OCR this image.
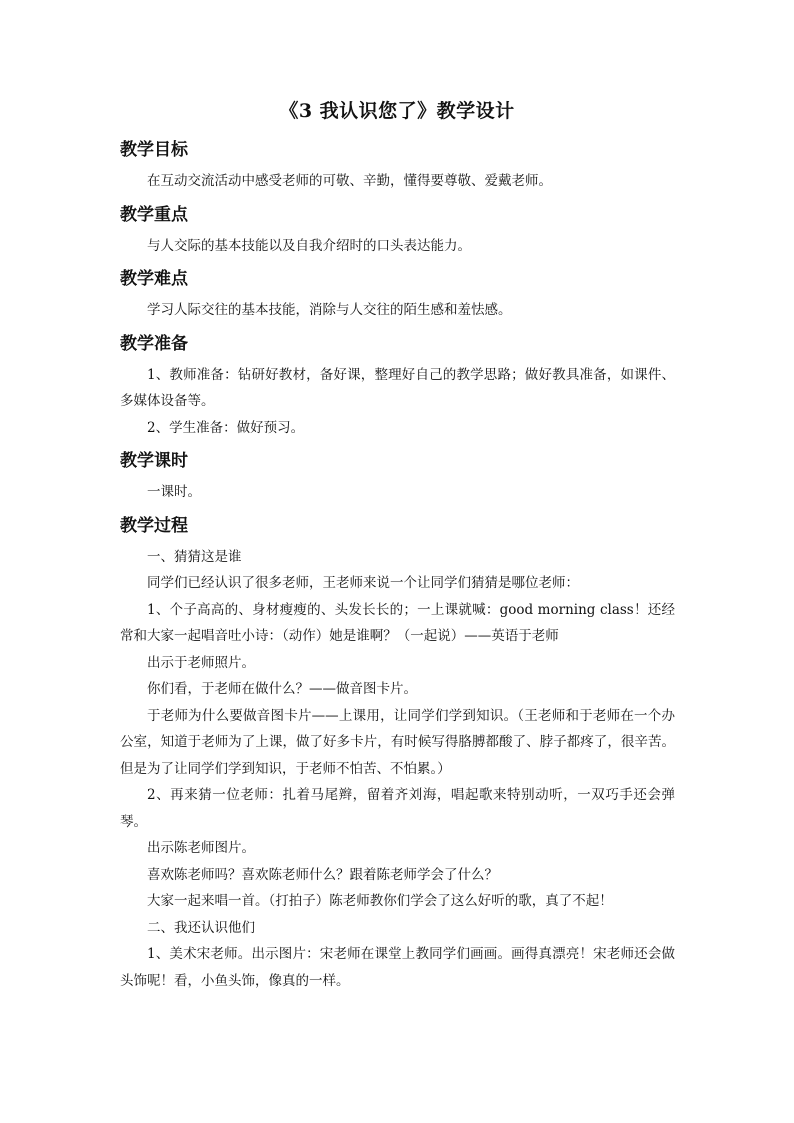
《3 我认识您了》教学设计
教学目标

在互动交流活动中感受老师的可敬、辛勤，懂得要尊敬、爱戴老师。

教学重点

与人交际的基本技能以及自我介绍时的口头表达能力。

教学难点

学习人际交往的基本技能，消除与人交往的陌生感和羞怯感。

教学准备

1、教师准备：钻研好教材，备好课，整理好自己的教学思路；做好教具准备，如课件、多媒体设备等。

2、学生准备：做好预习。

教学课时

一课时。

教学过程

一、猜猜这是谁

同学们已经认识了很多老师，王老师来说一个让同学们猜猜是哪位老师：

1、个子高高的、身材瘦瘦的、头发长长的；一上课就喊：good morning class！还经常和大家一起唱音吐小诗：（动作）她是谁啊？（一起说）——英语于老师

出示于老师照片。

你们看，于老师在做什么？——做音图卡片。

于老师为什么要做音图卡片——上课用，让同学们学到知识。（王老师和于老师在一个办公室，知道于老师为了上课，做了好多卡片，有时候写得胳膊都酸了、脖子都疼了，很辛苦。但是为了让同学们学到知识，于老师不怕苦、不怕累。）

2、再来猜一位老师：扎着马尾辫，留着齐刘海，唱起歌来特别动听，一双巧手还会弹琴。

出示陈老师图片。

喜欢陈老师吗？喜欢陈老师什么？跟着陈老师学会了什么？

大家一起来唱一首。（打拍子）陈老师教你们学会了这么好听的歌，真了不起！

二、我还认识他们

1、美术宋老师。出示图片：宋老师在课堂上教同学们画画。画得真漂亮！宋老师还会做头饰呢！看，小鱼头饰，像真的一样。
